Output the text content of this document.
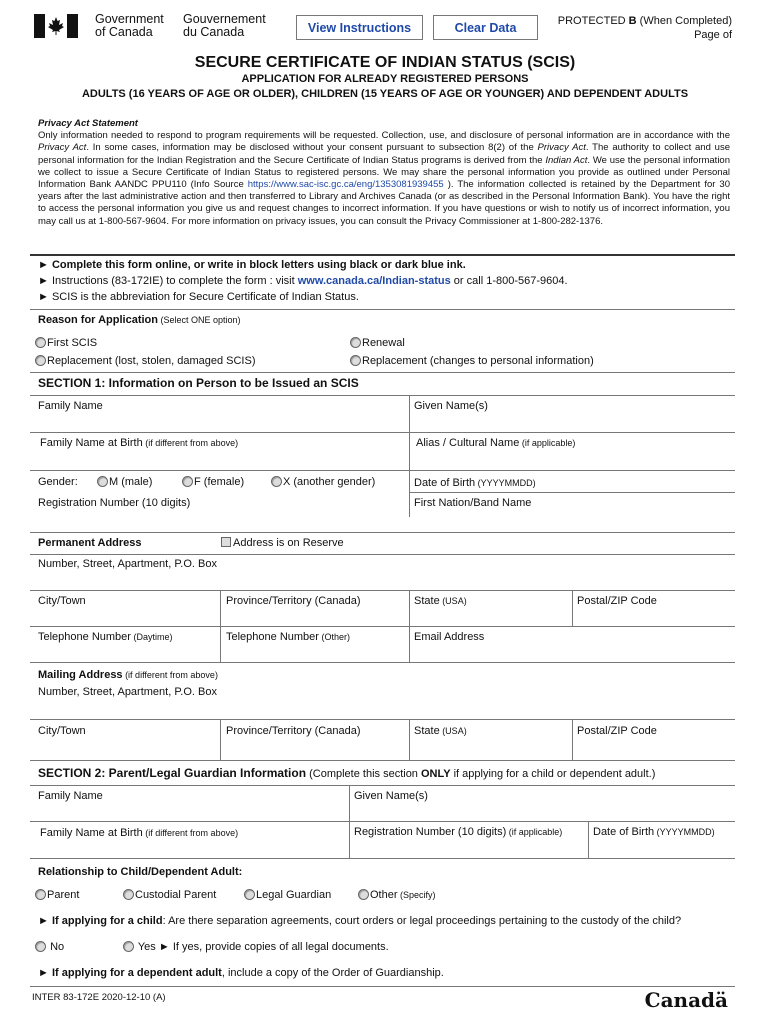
Government
of Canada
Gouvernement
du Canada	View Instructions	Clear Data	PROTECTED B (When Completed)
Page of
SECURE CERTIFICATE OF INDIAN STATUS (SCIS)
APPLICATION FOR ALREADY REGISTERED PERSONS
ADULTS (16 YEARS OF AGE OR OLDER), CHILDREN (15 YEARS OF AGE OR YOUNGER) AND DEPENDENT ADULTS
Privacy Act Statement
Only information needed to respond to program requirements will be requested. Collection, use, and disclosure of personal information are in accordance with the Privacy Act. In some cases, information may be disclosed without your consent pursuant to subsection 8(2) of the Privacy Act. The authority to collect and use personal information for the Indian Registration and the Secure Certificate of Indian Status programs is derived from the Indian Act. We use the personal information we collect to issue a Secure Certificate of Indian Status to registered persons. We may share the personal information you provide as outlined under Personal Information Bank AANDC PPU110 (Info Source https://www.sac-isc.gc.ca/eng/1353081939455 ). The information collected is retained by the Department for 30 years after the last administrative action and then transferred to Library and Archives Canada (or as described in the Personal Information Bank). You have the right to access the personal information you give us and request changes to incorrect information. If you have questions or wish to notify us of incorrect information, you may call us at 1-800-567-9604. For more information on privacy issues, you can consult the Privacy Commissioner at 1-800-282-1376.
► Complete this form online, or write in block letters using black or dark blue ink.
► Instructions (83-172IE) to complete the form : visit www.canada.ca/Indian-status or call 1-800-567-9604.
► SCIS is the abbreviation for Secure Certificate of Indian Status.
Reason for Application (Select ONE option)
First SCIS	Renewal
Replacement (lost, stolen, damaged SCIS)	Replacement (changes to personal information)
SECTION 1: Information on Person to be Issued an SCIS
Family Name	Given Name(s)
Family Name at Birth (if different from above)	Alias / Cultural Name (if applicable)
Gender:	M (male)	F (female)	X (another gender)	Date of Birth (YYYYMMDD)
Registration Number (10 digits)	First Nation/Band Name
Permanent Address	Address is on Reserve
Number, Street, Apartment, P.O. Box
City/Town	Province/Territory (Canada)	State (USA)	Postal/ZIP Code
Telephone Number (Daytime)	Telephone Number (Other)	Email Address
Mailing Address (if different from above)
Number, Street, Apartment, P.O. Box
City/Town	Province/Territory (Canada)	State (USA)	Postal/ZIP Code
SECTION 2: Parent/Legal Guardian Information (Complete this section ONLY if applying for a child or dependent adult.)
Family Name	Given Name(s)
Family Name at Birth (if different from above)	Registration Number (10 digits) (if applicable)	Date of Birth (YYYYMMDD)
Relationship to Child/Dependent Adult:
Parent	Custodial Parent	Legal Guardian	Other (Specify)
► If applying for a child: Are there separation agreements, court orders or legal proceedings pertaining to the custody of the child?
No	Yes ► If yes, provide copies of all legal documents.
► If applying for a dependent adult, include a copy of the Order of Guardianship.
INTER 83-172E 2020-12-10 (A)	Canadä
